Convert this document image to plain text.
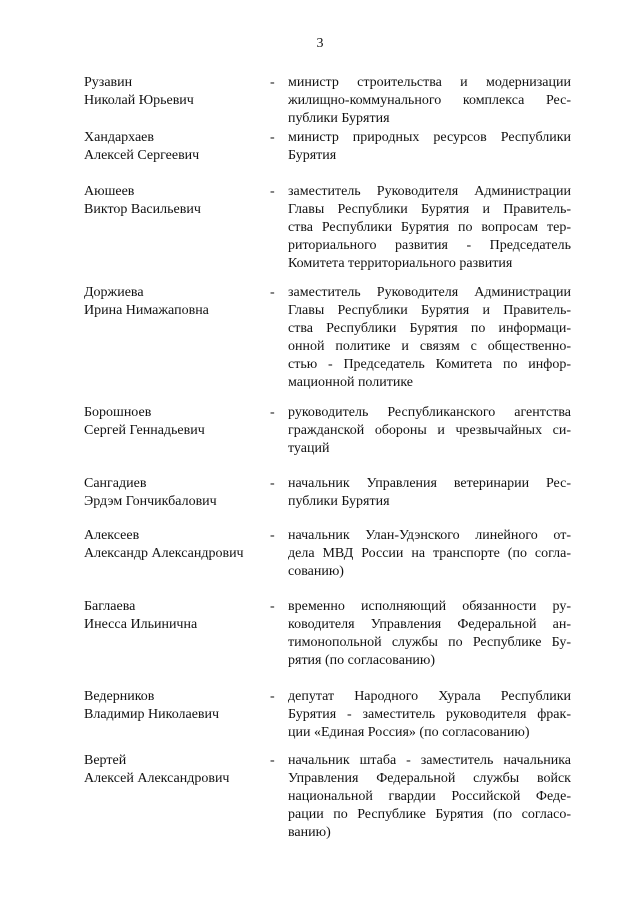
3
Рузавин
Николай Юрьевич
- министр строительства и модернизации
жилищно-коммунального комплекса Рес-
публики Бурятия
Хандархаев
Алексей Сергеевич
- министр природных ресурсов Республики
Бурятия
Аюшеев
Виктор Васильевич
- заместитель Руководителя Администрации
Главы Республики Бурятия и Правитель-
ства Республики Бурятия по вопросам тер-
риториального развития - Председатель
Комитета территориального развития
Доржиева
Ирина Нимажаповна
- заместитель Руководителя Администрации
Главы Республики Бурятия и Правитель-
ства Республики Бурятия по информаци-
онной политике и связям с общественно-
стью - Председатель Комитета по инфор-
мационной политике
Борошноев
Сергей Геннадьевич
- руководитель Республиканского агентства
гражданской обороны и чрезвычайных си-
туаций
Сангадиев
Эрдэм Гончикбалович
- начальник Управления ветеринарии Рес-
публики Бурятия
Алексеев
Александр Александрович
- начальник Улан-Удэнского линейного от-
дела МВД России на транспорте (по согла-
сованию)
Баглаева
Инесса Ильинична
- временно исполняющий обязанности ру-
ководителя Управления Федеральной ан-
тимонопольной службы по Республике Бу-
рятия (по согласованию)
Ведерников
Владимир Николаевич
- депутат Народного Хурала Республики
Бурятия - заместитель руководителя фрак-
ции «Единая Россия» (по согласованию)
Вертей
Алексей Александрович
- начальник штаба - заместитель начальника
Управления Федеральной службы войск
национальной гвардии Российской Феде-
рации по Республике Бурятия (по согласо-
ванию)
